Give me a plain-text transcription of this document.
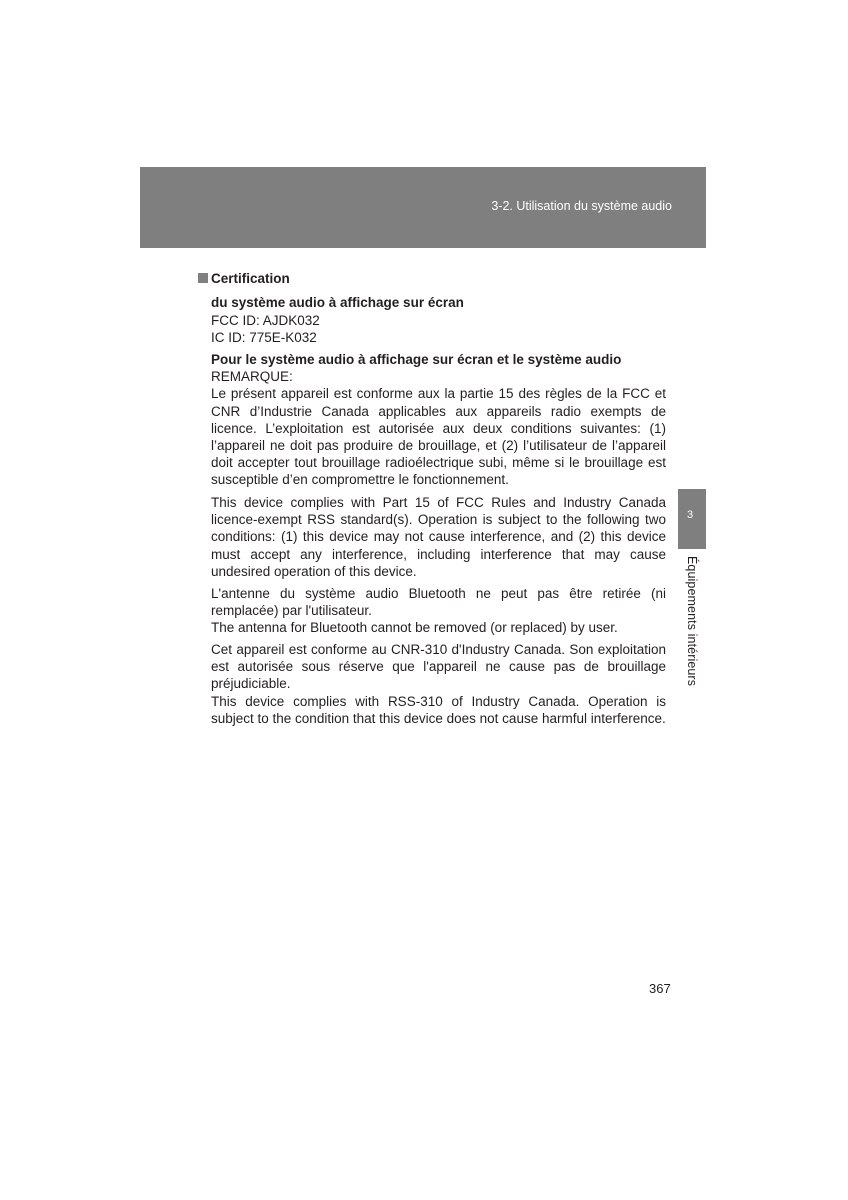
3-2. Utilisation du système audio
3
Équipements intérieurs
Certification

du système audio à affichage sur écran

FCC ID: AJDK032

IC ID: 775E-K032

Pour le système audio à affichage sur écran et le système audio

REMARQUE:

Le présent appareil est conforme aux la partie 15 des règles de la FCC et CNR d’Industrie Canada applicables aux appareils radio exempts de licence. L’exploitation est autorisée aux deux conditions suivantes: (1) l’appareil ne doit pas produire de brouillage, et (2) l’utilisateur de l’appareil doit accepter tout brouillage radioélectrique subi, même si le brouillage est susceptible d’en compromettre le fonctionnement.

This device complies with Part 15 of FCC Rules and Industry Canada licence-exempt RSS standard(s). Operation is subject to the following two conditions: (1) this device may not cause interference, and (2) this device must accept any interference, including interference that may cause undesired operation of this device.

L'antenne du système audio Bluetooth ne peut pas être retirée (ni remplacée) par l'utilisateur.

The antenna for Bluetooth cannot be removed (or replaced) by user.

Cet appareil est conforme au CNR-310 d'Industry Canada. Son exploitation est autorisée sous réserve que l'appareil ne cause pas de brouillage préjudiciable.

This device complies with RSS-310 of Industry Canada. Operation is subject to the condition that this device does not cause harmful interference.

367
